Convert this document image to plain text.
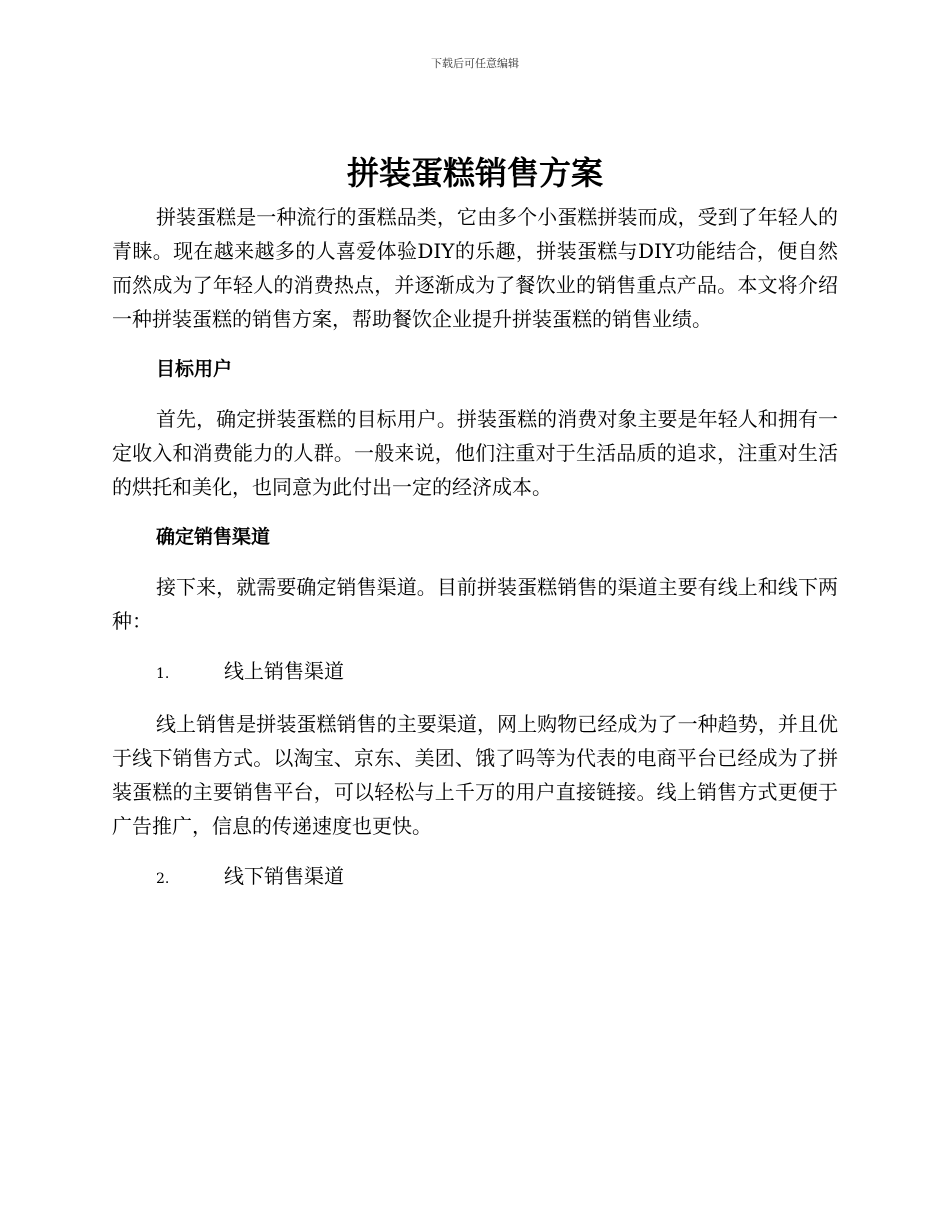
下载后可任意编辑
拼装蛋糕销售方案

拼装蛋糕是一种流行的蛋糕品类，它由多个小蛋糕拼装而成，受到了年轻人的青睐。现在越来越多的人喜爱体验DIY的乐趣，拼装蛋糕与DIY功能结合，便自然而然成为了年轻人的消费热点，并逐渐成为了餐饮业的销售重点产品。本文将介绍一种拼装蛋糕的销售方案，帮助餐饮企业提升拼装蛋糕的销售业绩。

目标用户

首先，确定拼装蛋糕的目标用户。拼装蛋糕的消费对象主要是年轻人和拥有一定收入和消费能力的人群。一般来说，他们注重对于生活品质的追求，注重对生活的烘托和美化，也同意为此付出一定的经济成本。

确定销售渠道

接下来，就需要确定销售渠道。目前拼装蛋糕销售的渠道主要有线上和线下两种：

1.	线上销售渠道

线上销售是拼装蛋糕销售的主要渠道，网上购物已经成为了一种趋势，并且优于线下销售方式。以淘宝、京东、美团、饿了吗等为代表的电商平台已经成为了拼装蛋糕的主要销售平台，可以轻松与上千万的用户直接链接。线上销售方式更便于广告推广，信息的传递速度也更快。

2.	线下销售渠道
